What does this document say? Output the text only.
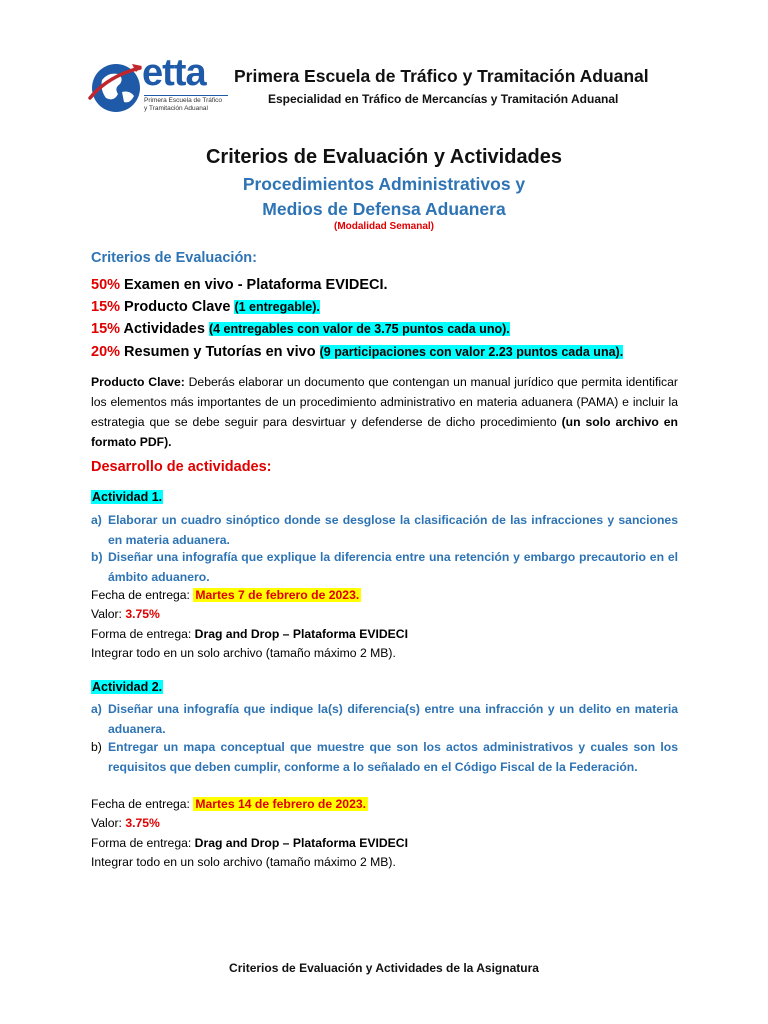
etta
Primera Escuela de Tráfico
y Tramitación Aduanal
Primera Escuela de Tráfico y Tramitación Aduanal
Especialidad en Tráfico de Mercancías y Tramitación Aduanal
Criterios de Evaluación y Actividades
Procedimientos Administrativos y
Medios de Defensa Aduanera
(Modalidad Semanal)
Criterios de Evaluación:
50% Examen en vivo - Plataforma EVIDECI.
15% Producto Clave (1 entregable).
15% Actividades (4 entregables con valor de 3.75 puntos cada uno).
20% Resumen y Tutorías en vivo (9 participaciones con valor 2.23 puntos cada una).
Producto Clave: Deberás elaborar un documento que contengan un manual jurídico que permita identificar los elementos más importantes de un procedimiento administrativo en materia aduanera (PAMA) e incluir la estrategia que se debe seguir para desvirtuar y defenderse de dicho procedimiento (un solo archivo en formato PDF).
Desarrollo de actividades:
Actividad 1.
a) Elaborar un cuadro sinóptico donde se desglose la clasificación de las infracciones y sanciones en materia aduanera.
b) Diseñar una infografía que explique la diferencia entre una retención y embargo precautorio en el ámbito aduanero.
Fecha de entrega: Martes 7 de febrero de 2023.
Valor: 3.75%
Forma de entrega: Drag and Drop – Plataforma EVIDECI
Integrar todo en un solo archivo (tamaño máximo 2 MB).
Actividad 2.
a) Diseñar una infografía que indique la(s) diferencia(s) entre una infracción y un delito en materia aduanera.
b) Entregar un mapa conceptual que muestre que son los actos administrativos y cuales son los requisitos que deben cumplir, conforme a lo señalado en el Código Fiscal de la Federación.
Fecha de entrega: Martes 14 de febrero de 2023.
Valor: 3.75%
Forma de entrega: Drag and Drop – Plataforma EVIDECI
Integrar todo en un solo archivo (tamaño máximo 2 MB).
Criterios de Evaluación y Actividades de la Asignatura
